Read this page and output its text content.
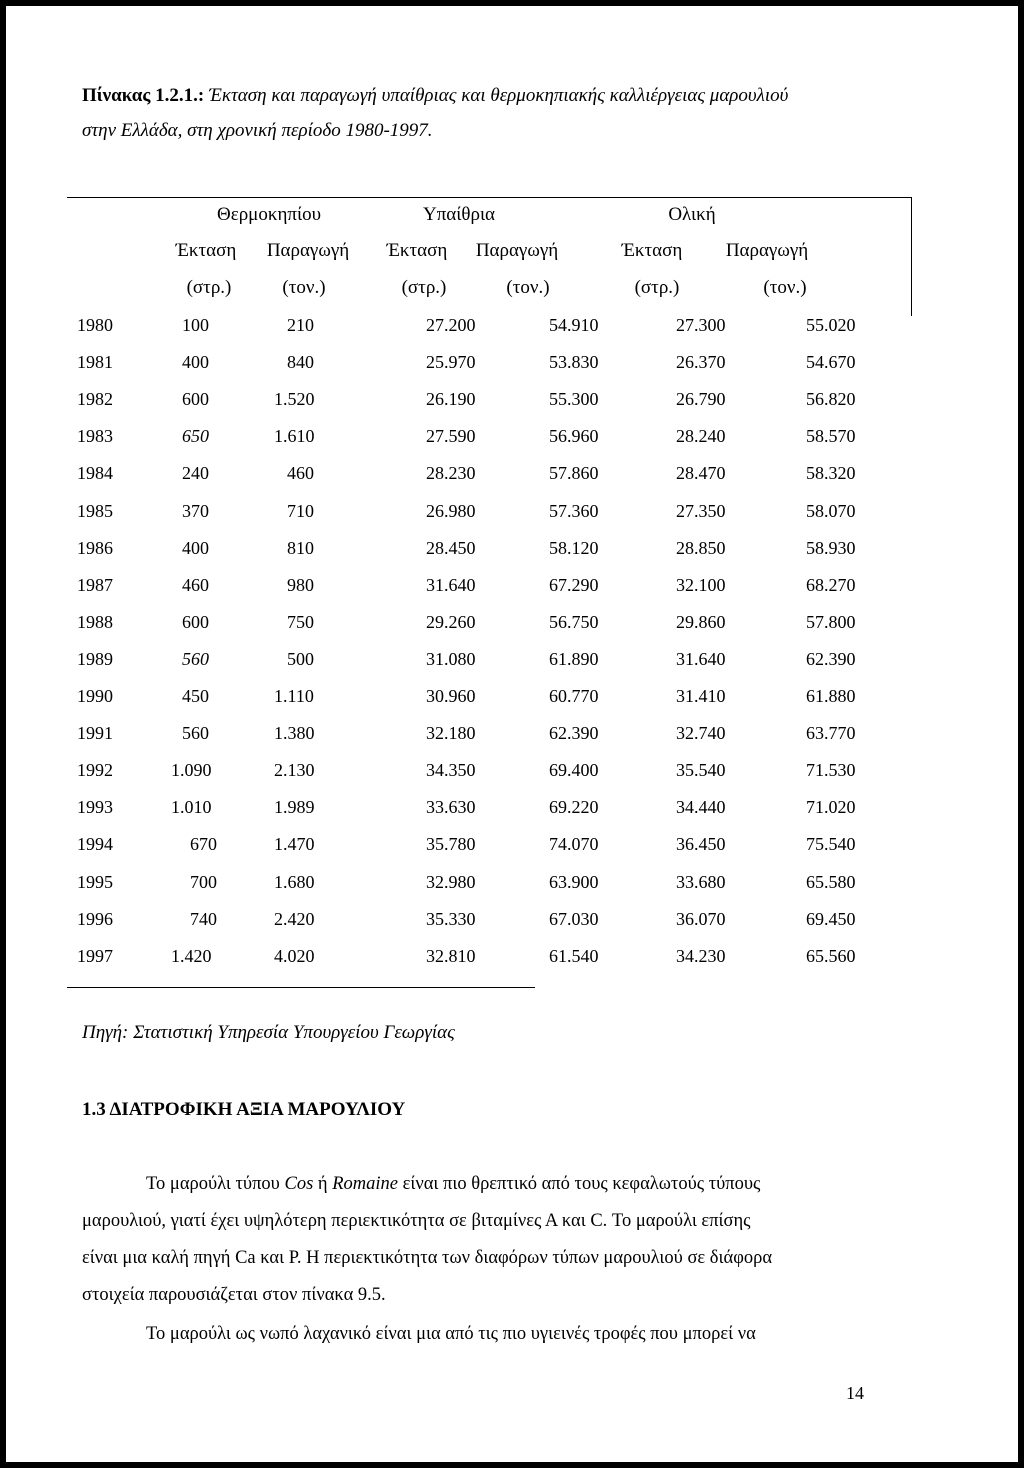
Πίνακας 1.2.1.: Έκταση και παραγωγή υπαίθριας και θερμοκηπιακής καλλιέργειας μαρουλιού
στην Ελλάδα, στη χρονική περίοδο 1980-1997.
Θερμοκηπίου	Υπαίθρια	Ολική
Έκταση	Παραγωγή	Έκταση	Παραγωγή	Έκταση	Παραγωγή
(στρ.)	(τον.)	(στρ.)	(τον.)	(στρ.)	(τον.)
1980	100	210	27.200	54.910	27.300	55.020
1981	400	840	25.970	53.830	26.370	54.670
1982	600	1.520	26.190	55.300	26.790	56.820
1983	650	1.610	27.590	56.960	28.240	58.570
1984	240	460	28.230	57.860	28.470	58.320
1985	370	710	26.980	57.360	27.350	58.070
1986	400	810	28.450	58.120	28.850	58.930
1987	460	980	31.640	67.290	32.100	68.270
1988	600	750	29.260	56.750	29.860	57.800
1989	560	500	31.080	61.890	31.640	62.390
1990	450	1.110	30.960	60.770	31.410	61.880
1991	560	1.380	32.180	62.390	32.740	63.770
1992	1.090	2.130	34.350	69.400	35.540	71.530
1993	1.010	1.989	33.630	69.220	34.440	71.020
1994	670	1.470	35.780	74.070	36.450	75.540
1995	700	1.680	32.980	63.900	33.680	65.580
1996	740	2.420	35.330	67.030	36.070	69.450
1997	1.420	4.020	32.810	61.540	34.230	65.560
Πηγή: Στατιστική Υπηρεσία Υπουργείου Γεωργίας
1.3 ΔΙΑΤΡΟΦΙΚΗ ΑΞΙΑ ΜΑΡΟΥΛΙΟΥ
Το μαρούλι τύπου Cos ή Romaine είναι πιο θρεπτικό από τους κεφαλωτούς τύπους
μαρουλιού, γιατί έχει υψηλότερη περιεκτικότητα σε βιταμίνες Α και C. Το μαρούλι επίσης
είναι μια καλή πηγή Ca και P. Η περιεκτικότητα των διαφόρων τύπων μαρουλιού σε διάφορα
στοιχεία παρουσιάζεται στον πίνακα 9.5.
Το μαρούλι ως νωπό λαχανικό είναι μια από τις πιο υγιεινές τροφές που μπορεί να
14
